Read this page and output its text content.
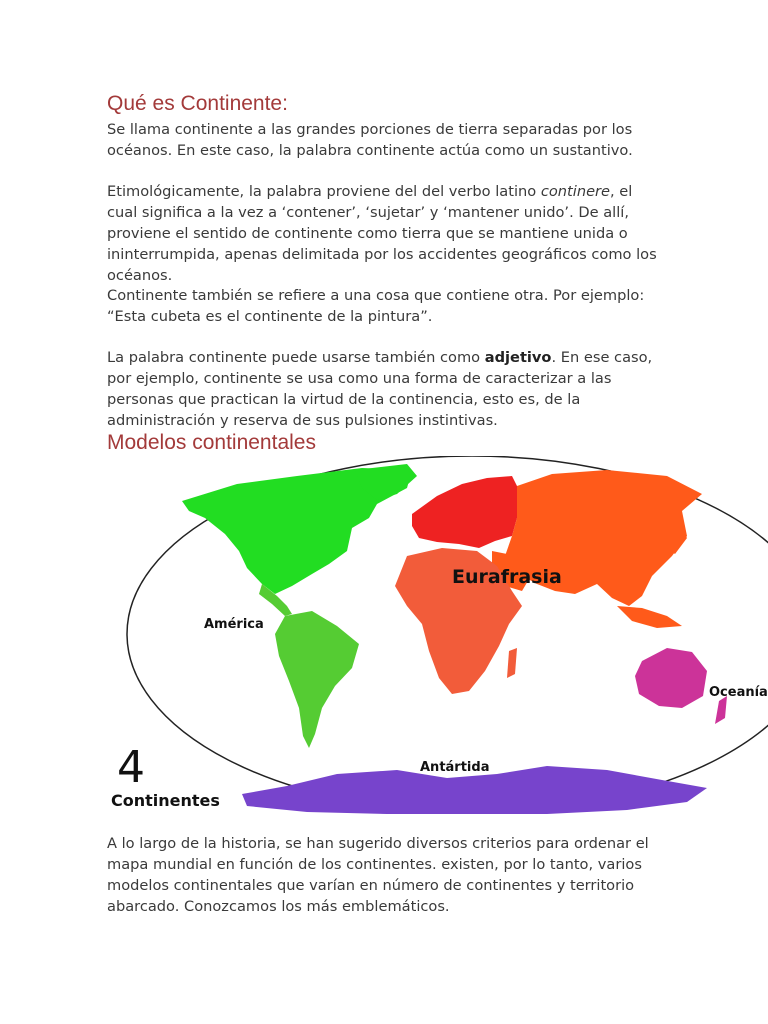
Qué es Continente:

Se llama continente a las grandes porciones de tierra separadas por los océanos. En este caso, la palabra continente actúa como un sustantivo.

Etimológicamente, la palabra proviene del del verbo latino continere, el cual significa a la vez a ‘contener’, ‘sujetar’ y ‘mantener unido’. De allí, proviene el sentido de continente como tierra que se mantiene unida o ininterrumpida, apenas delimitada por los accidentes geográficos como los océanos.

Continente también se refiere a una cosa que contiene otra. Por ejemplo: “Esta cubeta es el continente de la pintura”.

La palabra continente puede usarse también como adjetivo. En ese caso, por ejemplo, continente se usa como una forma de caracterizar a las personas que practican la virtud de la continencia, esto es, de la administración y reserva de sus pulsiones instintivas.

Modelos continentales
Eurafrasia
América
Oceanía
Antártida
4
Continentes

A lo largo de la historia, se han sugerido diversos criterios para ordenar el mapa mundial en función de los continentes. existen, por lo tanto, varios modelos continentales que varían en número de continentes y territorio abarcado. Conozcamos los más emblemáticos.
